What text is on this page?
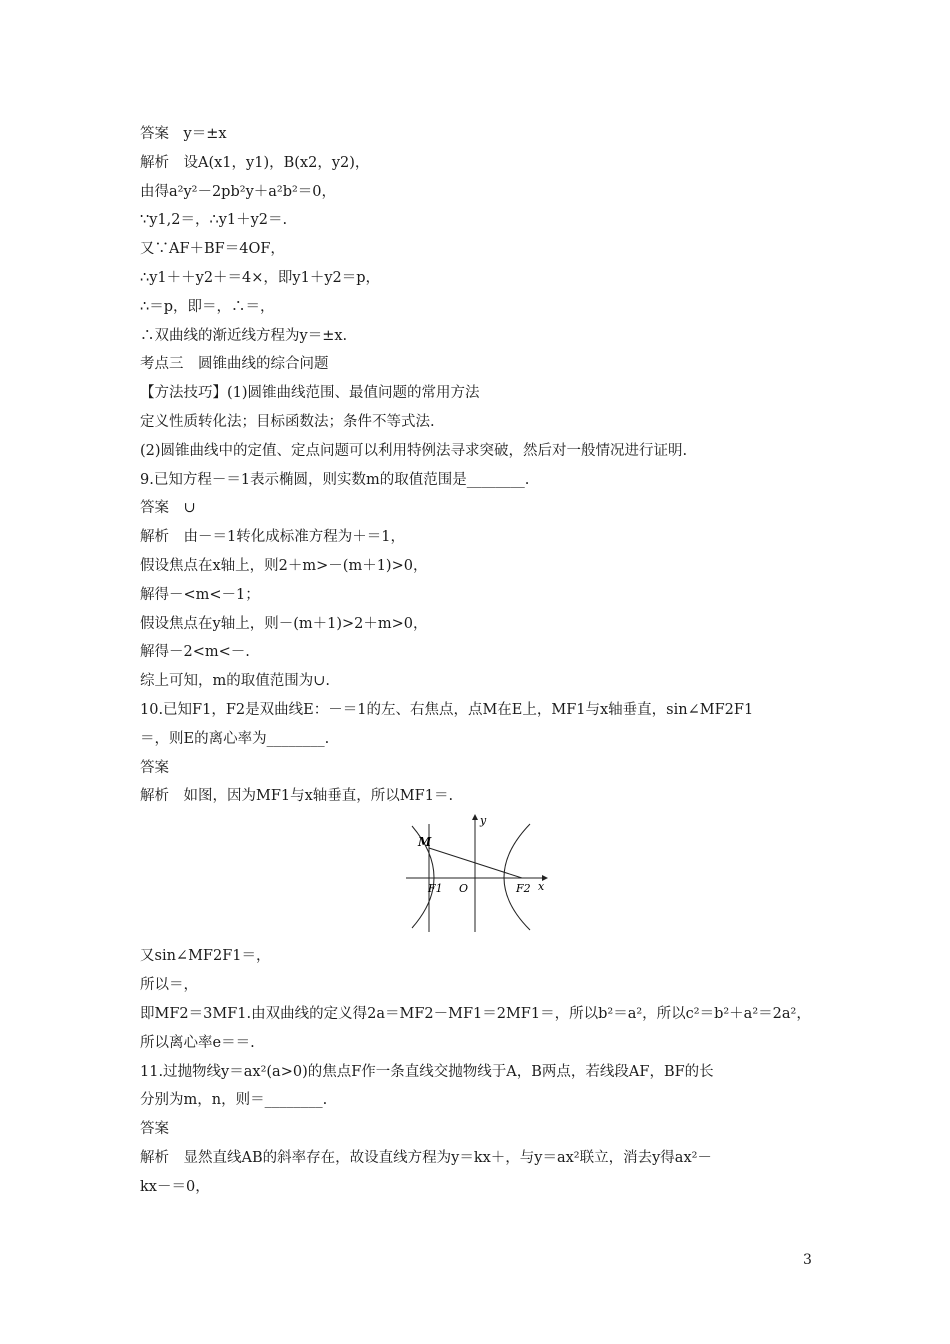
答案　y＝±x
解析　设A(x1，y1)，B(x2，y2)，
由得a²y²－2pb²y＋a²b²＝0，
∵y1,2＝，∴y1＋y2＝.
又∵AF＋BF＝4OF，
∴y1＋＋y2＋＝4×，即y1＋y2＝p，
∴＝p，即＝，∴＝，
∴双曲线的渐近线方程为y＝±x.
考点三　圆锥曲线的综合问题
【方法技巧】(1)圆锥曲线范围、最值问题的常用方法
定义性质转化法；目标函数法；条件不等式法.
(2)圆锥曲线中的定值、定点问题可以利用特例法寻求突破，然后对一般情况进行证明.
9.已知方程－＝1表示椭圆，则实数m的取值范围是________.
答案　∪
解析　由－＝1转化成标准方程为＋＝1，
假设焦点在x轴上，则2＋m>－(m＋1)>0，
解得－<m<－1；
假设焦点在y轴上，则－(m＋1)>2＋m>0，
解得－2<m<－.
综上可知，m的取值范围为∪.
10.已知F1，F2是双曲线E：－＝1的左、右焦点，点M在E上，MF1与x轴垂直，sin∠MF2F1
＝，则E的离心率为________.
答案
解析　如图，因为MF1与x轴垂直，所以MF1＝.
M
F1 O	F2 x
y
又sin∠MF2F1＝，
所以＝，
即MF2＝3MF1.由双曲线的定义得2a＝MF2－MF1＝2MF1＝，所以b²＝a²，所以c²＝b²＋a²＝2a²，
所以离心率e＝＝.
11.过抛物线y＝ax²(a>0)的焦点F作一条直线交抛物线于A，B两点，若线段AF，BF的长
分别为m，n，则＝________.
答案
解析　显然直线AB的斜率存在，故设直线方程为y＝kx＋，与y＝ax²联立，消去y得ax²－
kx－＝0，
3
